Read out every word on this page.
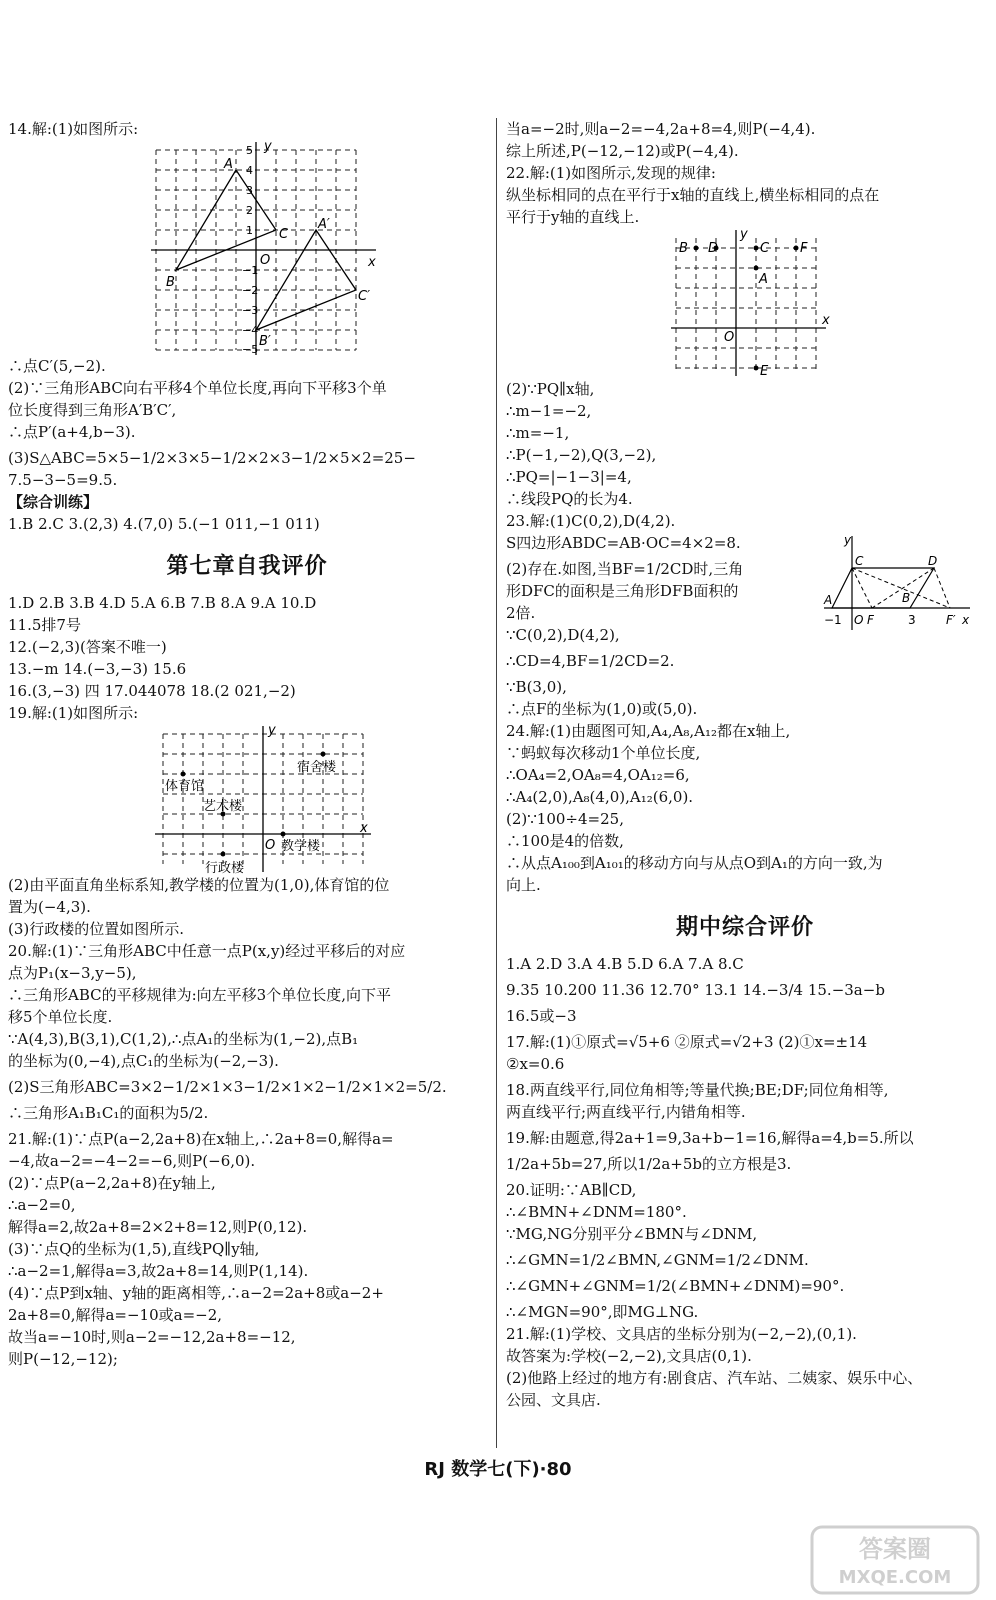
14.解:(1)如图所示:
y
x
A
B
C
A′
B′
C′
O
5
4
3
2
1
−1
−2
−3
−4
−5
∴点C′(5,−2).
(2)∵三角形ABC向右平移4个单位长度,再向下平移3个单
位长度得到三角形A′B′C′,
∴点P′(a+4,b−3).
(3)S△ABC=5×5−1/2×3×5−1/2×2×3−1/2×5×2=25−
7.5−3−5=9.5.
【综合训练】
1.B 2.C 3.(2,3) 4.(7,0) 5.(−1 011,−1 011)
第七章自我评价
1.D 2.B 3.B 4.D 5.A 6.B 7.B 8.A 9.A 10.D
11.5排7号
12.(−2,3)(答案不唯一)
13.−m 14.(−3,−3) 15.6
16.(3,−3) 四 17.044078 18.(2 021,−2)
19.解:(1)如图所示:
体育馆
宿舍楼
艺术楼
教学楼
行政楼
y
x
O
(2)由平面直角坐标系知,教学楼的位置为(1,0),体育馆的位
置为(−4,3).
(3)行政楼的位置如图所示.
20.解:(1)∵三角形ABC中任意一点P(x,y)经过平移后的对应
点为P₁(x−3,y−5),
∴三角形ABC的平移规律为:向左平移3个单位长度,向下平
移5个单位长度.
∵A(4,3),B(3,1),C(1,2),∴点A₁的坐标为(1,−2),点B₁
的坐标为(0,−4),点C₁的坐标为(−2,−3).
(2)S三角形ABC=3×2−1/2×1×3−1/2×1×2−1/2×1×2=5/2.
∴三角形A₁B₁C₁的面积为5/2.
21.解:(1)∵点P(a−2,2a+8)在x轴上,∴2a+8=0,解得a=
−4,故a−2=−4−2=−6,则P(−6,0).
(2)∵点P(a−2,2a+8)在y轴上,
∴a−2=0,
解得a=2,故2a+8=2×2+8=12,则P(0,12).
(3)∵点Q的坐标为(1,5),直线PQ∥y轴,
∴a−2=1,解得a=3,故2a+8=14,则P(1,14).
(4)∵点P到x轴、y轴的距离相等,∴a−2=2a+8或a−2+
2a+8=0,解得a=−10或a=−2,
故当a=−10时,则a−2=−12,2a+8=−12,
则P(−12,−12);
当a=−2时,则a−2=−4,2a+8=4,则P(−4,4).
综上所述,P(−12,−12)或P(−4,4).
22.解:(1)如图所示,发现的规律:
纵坐标相同的点在平行于x轴的直线上,横坐标相同的点在
平行于y轴的直线上.
B D	C F
A
E
O
x
y
(2)∵PQ∥x轴,
∴m−1=−2,
∴m=−1,
∴P(−1,−2),Q(3,−2),
∴PQ=|−1−3|=4,
∴线段PQ的长为4.
23.解:(1)C(0,2),D(4,2).
S四边形ABDC=AB·OC=4×2=8.
(2)存在.如图,当BF=1/2CD时,三角
形DFC的面积是三角形DFB面积的
2倍.
y
C	D
A	B
F′
O F	x
−1	3
∵C(0,2),D(4,2),
∴CD=4,BF=1/2CD=2.
∵B(3,0),
∴点F的坐标为(1,0)或(5,0).
24.解:(1)由题图可知,A₄,A₈,A₁₂都在x轴上,
∵蚂蚁每次移动1个单位长度,
∴OA₄=2,OA₈=4,OA₁₂=6,
∴A₄(2,0),A₈(4,0),A₁₂(6,0).
(2)∵100÷4=25,
∴100是4的倍数,
∴从点A₁₀₀到A₁₀₁的移动方向与从点O到A₁的方向一致,为
向上.
期中综合评价
1.A 2.D 3.A 4.B 5.D 6.A 7.A 8.C
9.35 10.200 11.36 12.70° 13.1 14.−3/4 15.−3a−b
16.5或−3
17.解:(1)①原式=√5+6 ②原式=√2+3 (2)①x=±14
②x=0.6
18.两直线平行,同位角相等;等量代换;BE;DF;同位角相等,
两直线平行;两直线平行,内错角相等.
19.解:由题意,得2a+1=9,3a+b−1=16,解得a=4,b=5.所以
1/2a+5b=27,所以1/2a+5b的立方根是3.
20.证明:∵AB∥CD,
∴∠BMN+∠DNM=180°.
∵MG,NG分别平分∠BMN与∠DNM,
∴∠GMN=1/2∠BMN,∠GNM=1/2∠DNM.
∴∠GMN+∠GNM=1/2(∠BMN+∠DNM)=90°.
∴∠MGN=90°,即MG⊥NG.
21.解:(1)学校、文具店的坐标分别为(−2,−2),(0,1).
故答案为:学校(−2,−2),文具店(0,1).
(2)他路上经过的地方有:剧食店、汽车站、二姨家、娱乐中心、
公园、文具店.
RJ 数学七(下)·80
答案圈
MXQE.COM
